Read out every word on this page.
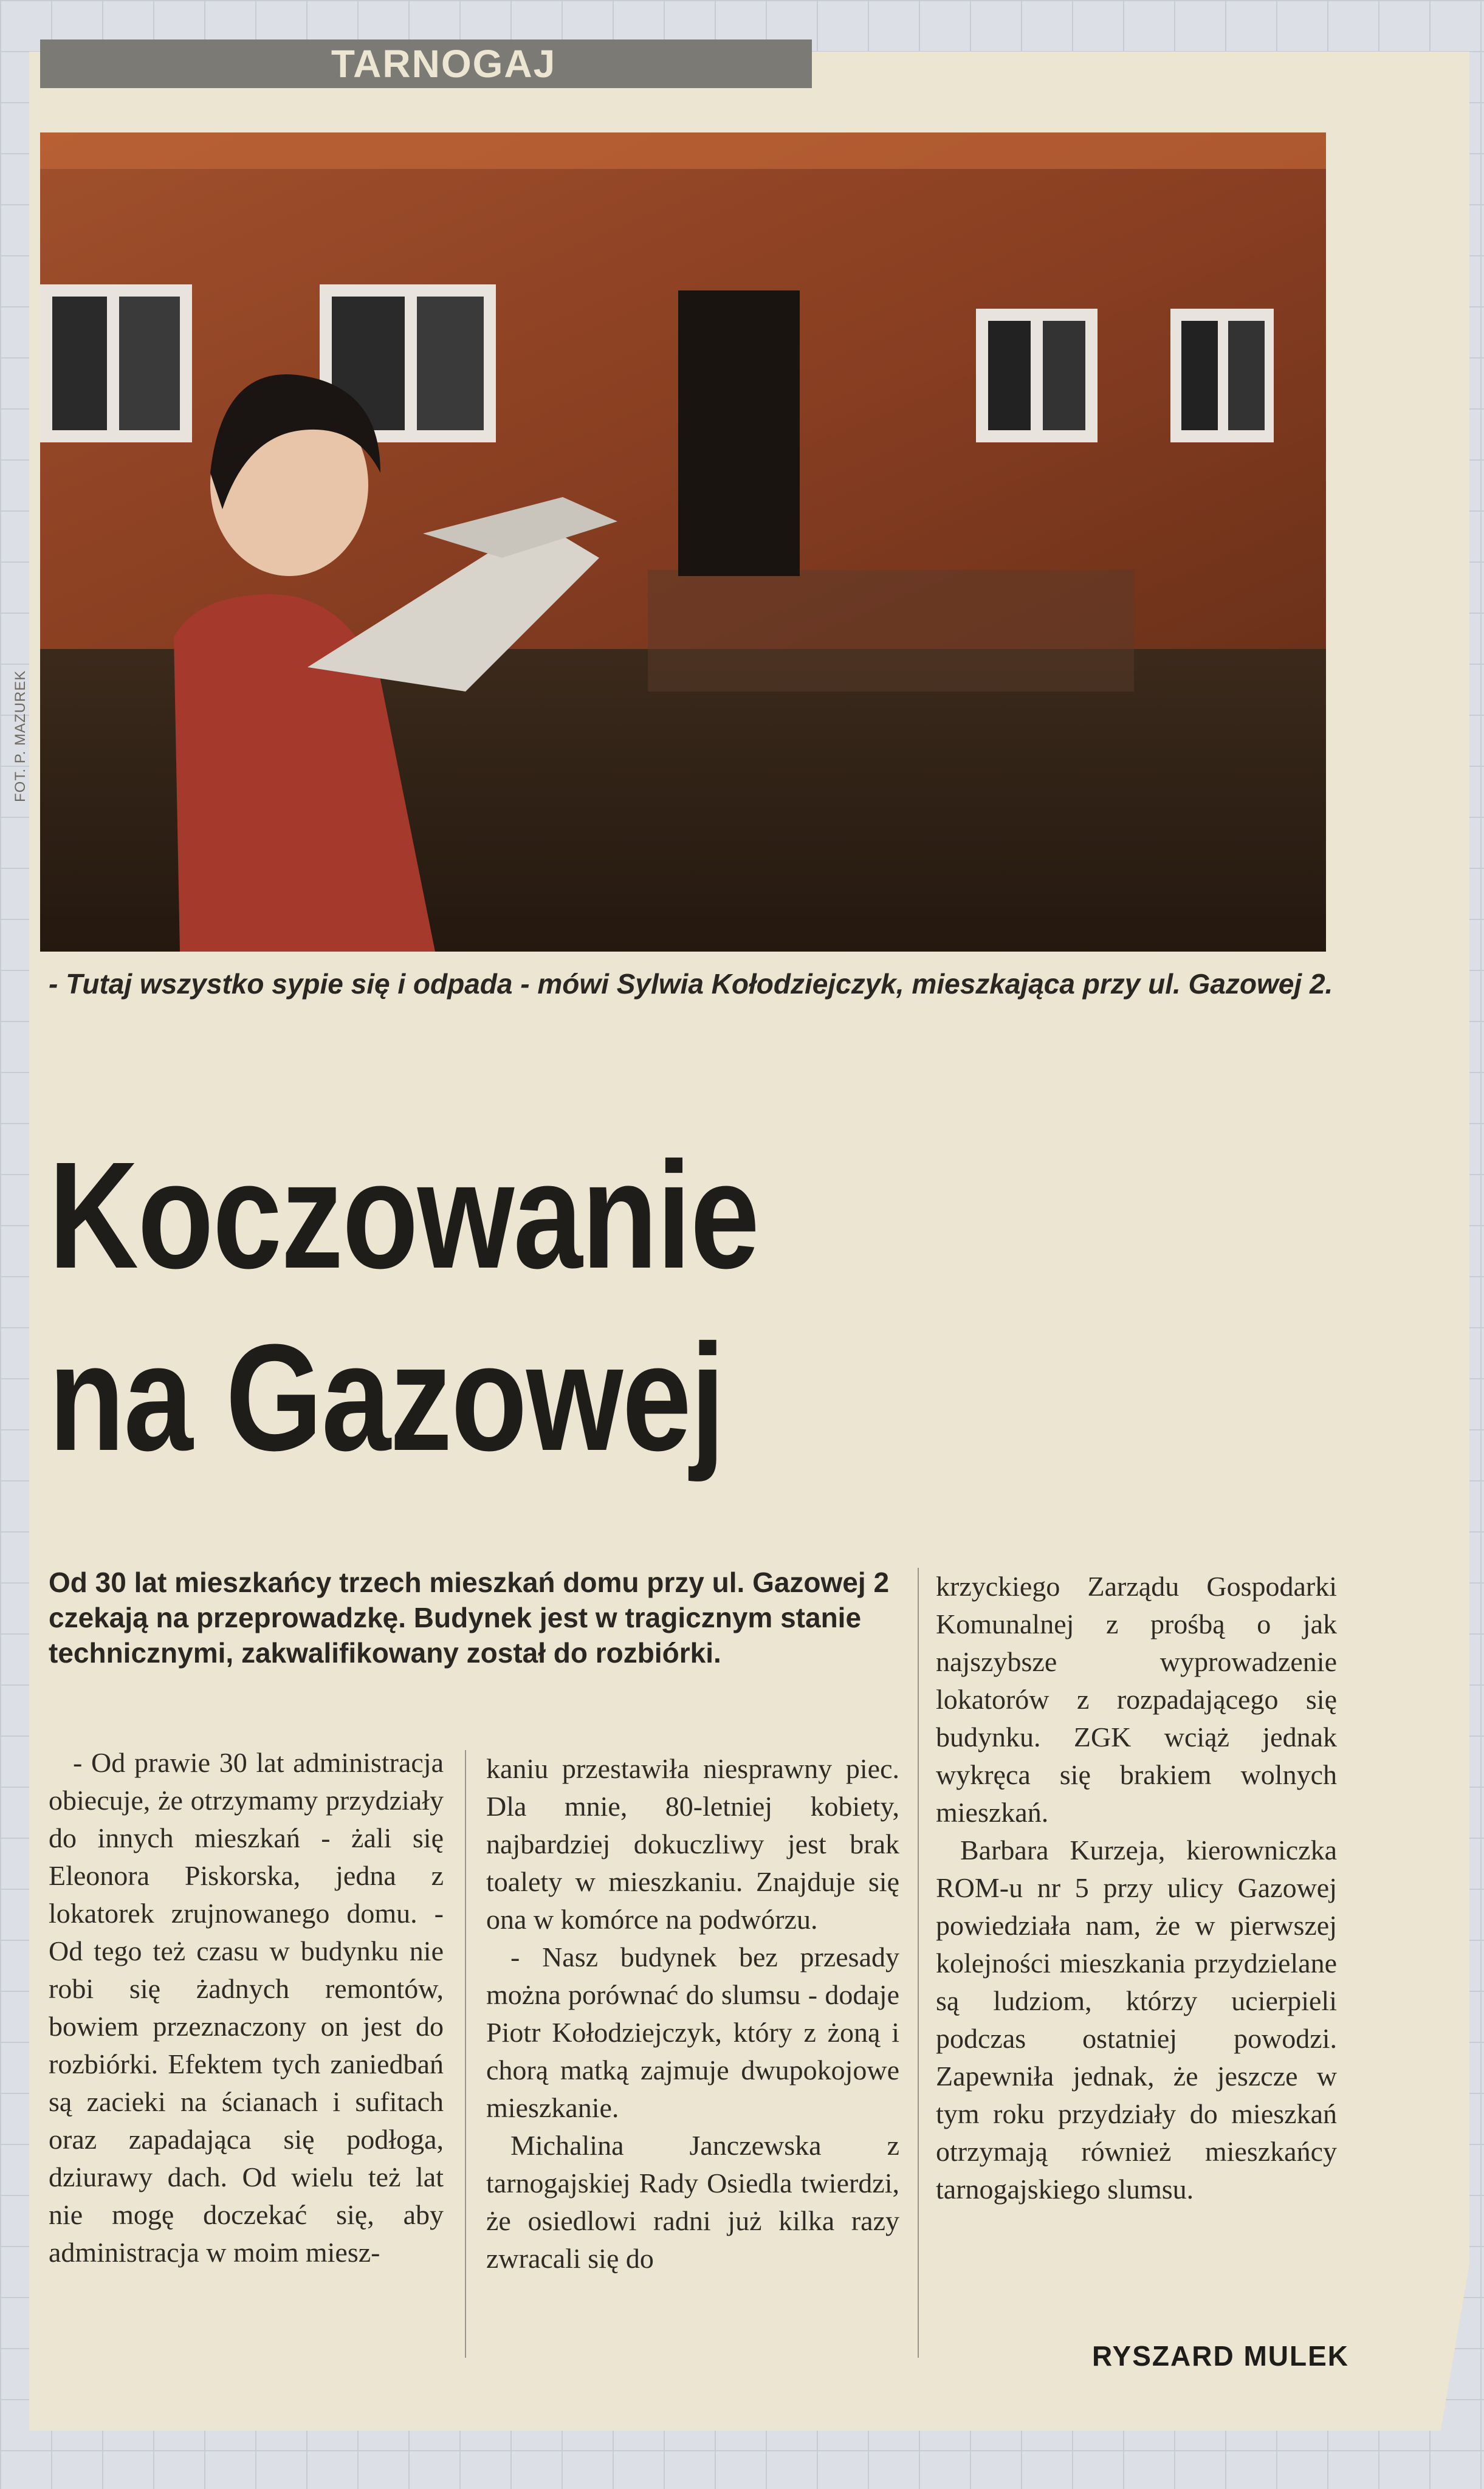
TARNOGAJ
FOT. P. MAZUREK
- Tutaj wszystko sypie się i odpada - mówi Sylwia Kołodziejczyk, mieszkająca przy ul. Gazowej 2.
Koczowanie
na Gazowej
Od 30 lat mieszkańcy trzech mieszkań domu przy ul. Gazowej 2 czekają na przeprowadzkę. Budynek jest w tragicznym stanie technicznymi, zakwalifikowany został do rozbiórki.

- Od prawie 30 lat administracja obiecuje, że otrzymamy przydziały do innych mieszkań - żali się Eleonora Piskorska, jedna z lokatorek zrujnowanego domu. - Od tego też czasu w budynku nie robi się żadnych remontów, bowiem przeznaczony on jest do rozbiórki. Efektem tych zaniedbań są zacieki na ścianach i sufitach oraz zapadająca się podłoga, dziurawy dach. Od wielu też lat nie mogę doczekać się, aby administracja w moim miesz-

kaniu przestawiła niesprawny piec. Dla mnie, 80-letniej kobiety, najbardziej dokuczliwy jest brak toalety w mieszkaniu. Znajduje się ona w komórce na podwórzu.

- Nasz budynek bez przesady można porównać do slumsu - dodaje Piotr Kołodziejczyk, który z żoną i chorą matką zajmuje dwupokojowe mieszkanie.

Michalina Janczewska z tarnogajskiej Rady Osiedla twierdzi, że osiedlowi radni już kilka razy zwracali się do

krzyckiego Zarządu Gospodarki Komunalnej z prośbą o jak najszybsze wyprowadzenie lokatorów z rozpadającego się budynku. ZGK wciąż jednak wykręca się brakiem wolnych mieszkań.

Barbara Kurzeja, kierowniczka ROM-u nr 5 przy ulicy Gazowej powiedziała nam, że w pierwszej kolejności mieszkania przydzielane są ludziom, którzy ucierpieli podczas ostatniej powodzi. Zapewniła jednak, że jeszcze w tym roku przydziały do mieszkań otrzymają również mieszkańcy tarnogajskiego slumsu.

RYSZARD MULEK
